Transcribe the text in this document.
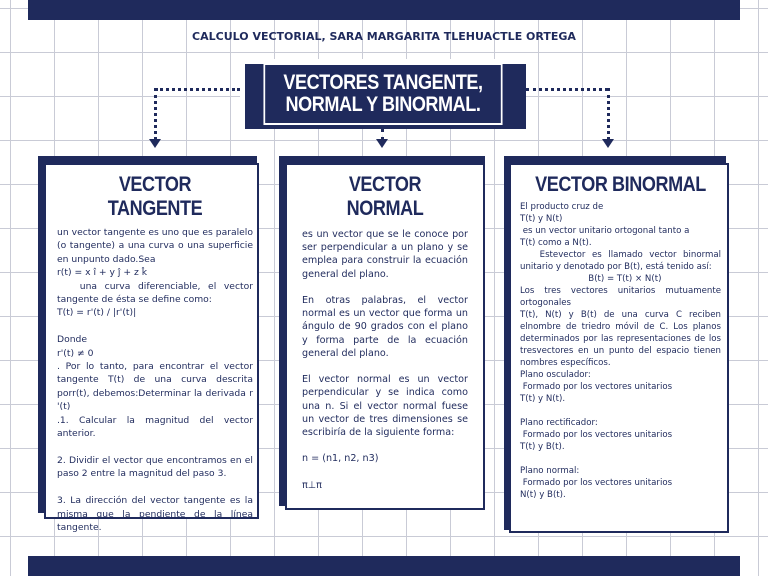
CALCULO VECTORIAL, SARA MARGARITA TLEHUACTLE ORTEGA
VECTORES TANGENTE, NORMAL Y BINORMAL.
VECTOR TANGENTE
un vector tangente es uno que es paralelo (o tangente) a una curva o una superficie en unpunto dado.Sea
r(t) = x î + y ĵ + z k̂
una curva diferenciable, el vector tangente de ésta se define como:
T(t) = r'(t) / |r'(t)|

Donde
r'(t) ≠ 0
. Por lo tanto, para encontrar el vector tangente T(t) de una curva descrita porr(t), debemos:Determinar la derivada r '(t)
.1. Calcular la magnitud del vector anterior.

2. Dividir el vector que encontramos en el paso 2 entre la magnitud del paso 3.

3. La dirección del vector tangente es la misma que la pendiente de la línea tangente.
VECTOR NORMAL
es un vector que se le conoce por ser perpendicular a un plano y se emplea para construir la ecuación general del plano.

En otras palabras, el vector normal es un vector que forma un ángulo de 90 grados con el plano y forma parte de la ecuación general del plano.

El vector normal es un vector perpendicular y se indica como una n. Si el vector normal fuese un vector de tres dimensiones se escribiría de la siguiente forma:

n = (n1, n2, n3)

π⊥π
VECTOR BINORMAL
El producto cruz de
T(t) y N(t)
es un vector unitario ortogonal tanto a
T(t) como a N(t).
Estevector es llamado vector binormal unitario y denotado por B(t), está tenido así:
B(t) = T(t) × N(t)
Los tres vectores unitarios mutuamente ortogonales
T(t), N(t) y B(t) de una curva C reciben elnombre de triedro móvil de C. Los planos determinados por las representaciones de los tresvectores en un punto del espacio tienen nombres específicos.
Plano osculador:
Formado por los vectores unitarios
T(t) y N(t).

Plano rectificador:
Formado por los vectores unitarios
T(t) y B(t).

Plano normal:
Formado por los vectores unitarios
N(t) y B(t).
